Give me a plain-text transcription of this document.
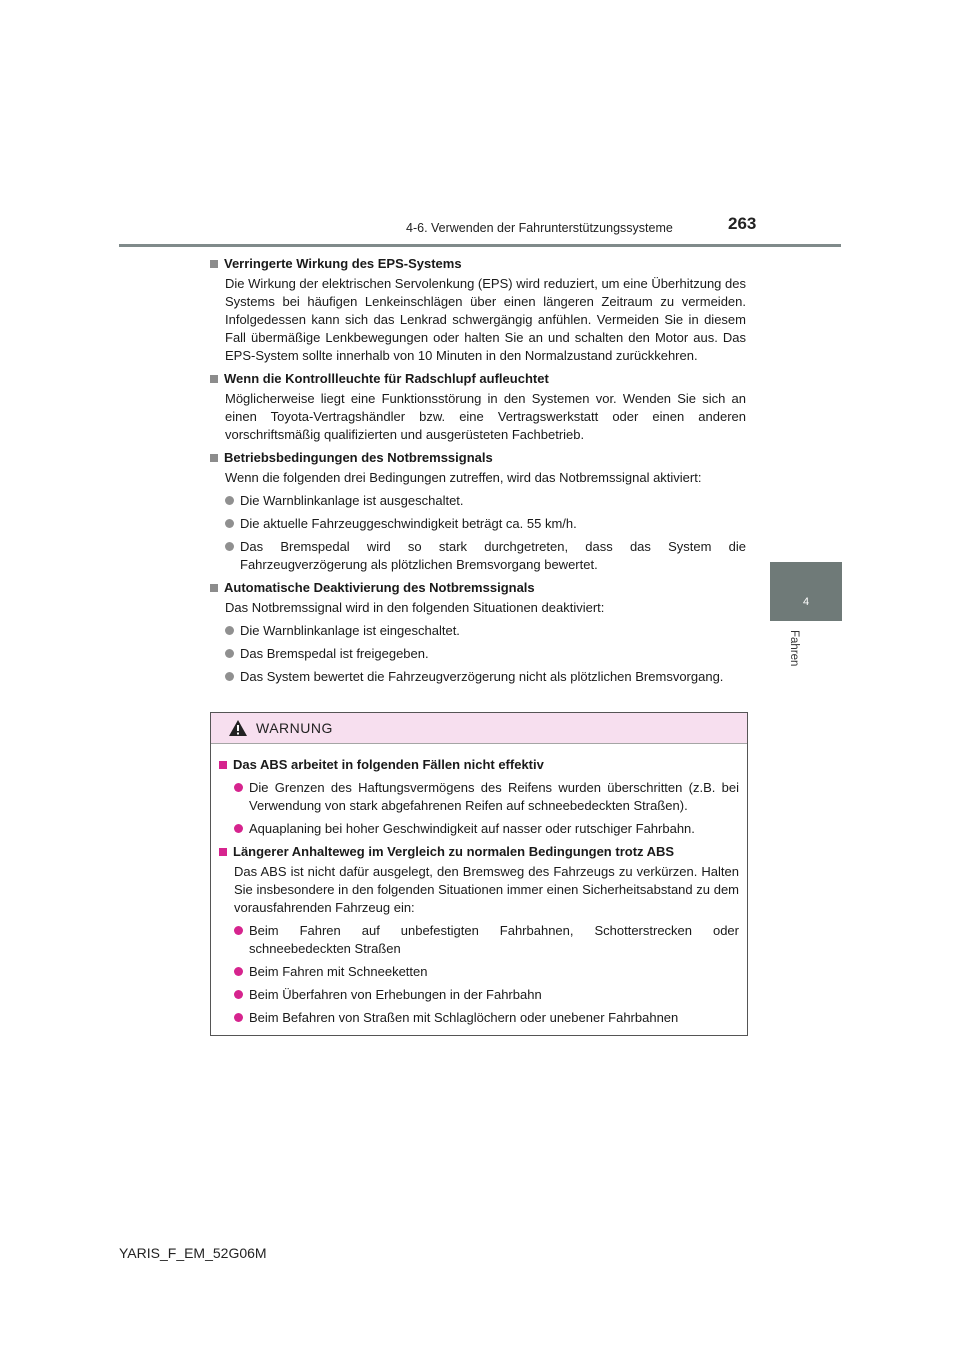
4-6. Verwenden der Fahrunterstützungssysteme	263
4
Fahren
Verringerte Wirkung des EPS-Systems
Die Wirkung der elektrischen Servolenkung (EPS) wird reduziert, um eine Überhitzung des Systems bei häufigen Lenkeinschlägen über einen längeren Zeitraum zu vermeiden. Infolgedessen kann sich das Lenkrad schwergängig anfühlen. Vermeiden Sie in diesem Fall übermäßige Lenkbewegungen oder halten Sie an und schalten den Motor aus. Das EPS-System sollte innerhalb von 10 Minuten in den Normalzustand zurückkehren.
Wenn die Kontrollleuchte für Radschlupf aufleuchtet
Möglicherweise liegt eine Funktionsstörung in den Systemen vor. Wenden Sie sich an einen Toyota-Vertragshändler bzw. eine Vertragswerkstatt oder einen anderen vorschriftsmäßig qualifizierten und ausgerüsteten Fachbetrieb.
Betriebsbedingungen des Notbremssignals
Wenn die folgenden drei Bedingungen zutreffen, wird das Notbremssignal aktiviert:
Die Warnblinkanlage ist ausgeschaltet.
Die aktuelle Fahrzeuggeschwindigkeit beträgt ca. 55 km/h.
Das Bremspedal wird so stark durchgetreten, dass das System die Fahrzeugverzögerung als plötzlichen Bremsvorgang bewertet.
Automatische Deaktivierung des Notbremssignals
Das Notbremssignal wird in den folgenden Situationen deaktiviert:
Die Warnblinkanlage ist eingeschaltet.
Das Bremspedal ist freigegeben.
Das System bewertet die Fahrzeugverzögerung nicht als plötzlichen Bremsvorgang.
WARNUNG
Das ABS arbeitet in folgenden Fällen nicht effektiv
Die Grenzen des Haftungsvermögens des Reifens wurden überschritten (z.B. bei Verwendung von stark abgefahrenen Reifen auf schneebedeckten Straßen).
Aquaplaning bei hoher Geschwindigkeit auf nasser oder rutschiger Fahrbahn.
Längerer Anhalteweg im Vergleich zu normalen Bedingungen trotz ABS
Das ABS ist nicht dafür ausgelegt, den Bremsweg des Fahrzeugs zu verkürzen. Halten Sie insbesondere in den folgenden Situationen immer einen Sicherheitsabstand zu dem vorausfahrenden Fahrzeug ein:
Beim Fahren auf unbefestigten Fahrbahnen, Schotterstrecken oder schneebedeckten Straßen
Beim Fahren mit Schneeketten
Beim Überfahren von Erhebungen in der Fahrbahn
Beim Befahren von Straßen mit Schlaglöchern oder unebener Fahrbahnen
YARIS_F_EM_52G06M
